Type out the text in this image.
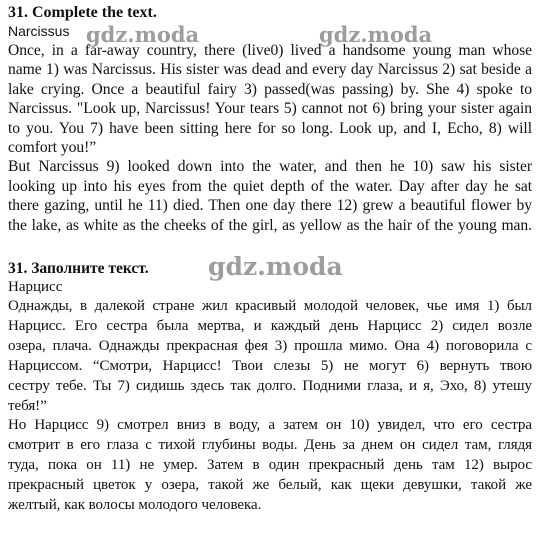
31. Complete the text.
Narcissus
Once, in a far-away country, there (live0) lived a handsome young man whose
name 1) was Narcissus. His sister was dead and every day Narcissus 2) sat beside a
lake crying. Once a beautiful fairy 3) passed(was passing) by. She 4) spoke to
Narcissus. "Look up, Narcissus! Your tears 5) cannot not 6) bring your sister again
to you. You 7) have been sitting here for so long. Look up, and I, Echo, 8) will
comfort you!”
But Narcissus 9) looked down into the water, and then he 10) saw his sister
looking up into his eyes from the quiet depth of the water. Day after day he sat
there gazing, until he 11) died. Then one day there 12) grew a beautiful flower by
the lake, as white as the cheeks of the girl, as yellow as the hair of the young man.
31. Заполните текст.
Нарцисс
Однажды, в далекой стране жил красивый молодой человек, чье имя 1) был
Нарцисс. Его сестра была мертва, и каждый день Нарцисс 2) сидел возле
озера, плача. Однажды прекрасная фея 3) прошла мимо. Она 4) поговорила с
Нарциссом. “Смотри, Нарцисс! Твои слезы 5) не могут 6) вернуть твою
сестру тебе. Ты 7) сидишь здесь так долго. Подними глаза, и я, Эхо, 8) утешу
тебя!”
Но Нарцисс 9) смотрел вниз в воду, а затем он 10) увидел, что его сестра
смотрит в его глаза с тихой глубины воды. День за днем он сидел там, глядя
туда, пока он 11) не умер. Затем в один прекрасный день там 12) вырос
прекрасный цветок у озера, такой же белый, как щеки девушки, такой же
желтый, как волосы молодого человека.
gdz.moda	gdz.moda
gdz.moda
